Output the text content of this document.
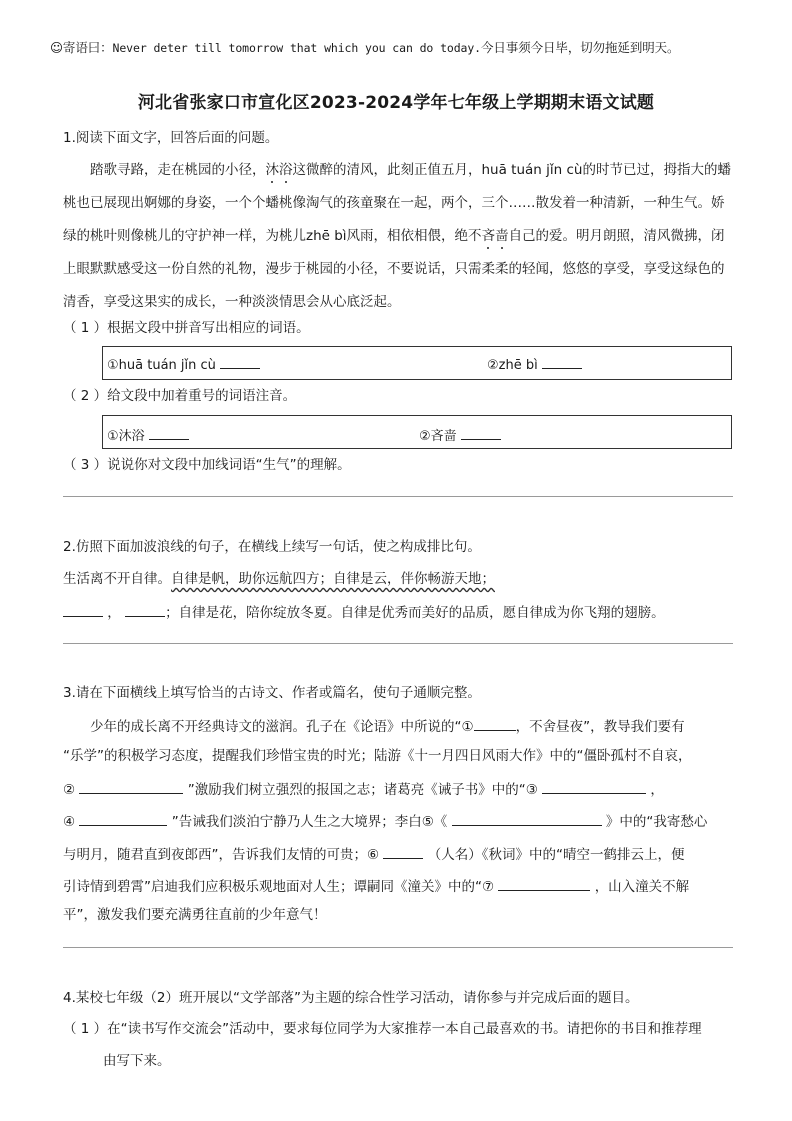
☺寄语曰：Never deter till tomorrow that which you can do today.今日事须今日毕，切勿拖延到明天。
河北省张家口市宣化区2023-2024学年七年级上学期期末语文试题
1.阅读下面文字，回答后面的问题。

踏歌寻路，走在桃园的小径，沐浴这微醉的清风，此刻正值五月，huā tuán jǐn cù的时节已过，拇指大的蟠桃也已展现出婀娜的身姿，一个个蟠桃像淘气的孩童聚在一起，两个，三个……散发着一种清新，一种生气。娇绿的桃叶则像桃儿的守护神一样，为桃儿zhē bì风雨，相依相偎，绝不吝啬自己的爱。明月朗照，清风微拂，闭上眼默默感受这一份自然的礼物，漫步于桃园的小径，不要说话，只需柔柔的轻闻，悠悠的享受，享受这绿色的清香，享受这果实的成长，一种淡淡情思会从心底泛起。

（ 1 ）根据文段中拼音写出相应的词语。
①huā tuán jǐn cù	②zhē bì
（ 2 ）给文段中加着重号的词语注音。
①沐浴	②吝啬
（ 3 ）说说你对文段中加线词语“生气”的理解。
2.仿照下面加波浪线的句子，在横线上续写一句话，使之构成排比句。
生活离不开自律。自律是帆，助你远航四方；自律是云，伴你畅游天地；
，	；自律是花，陪你绽放冬夏。自律是优秀而美好的品质，愿自律成为你飞翔的翅膀。
3.请在下面横线上填写恰当的古诗文、作者或篇名，使句子通顺完整。
少年的成长离不开经典诗文的滋润。孔子在《论语》中所说的“①	，不舍昼夜”，教导我们要有
“乐学”的积极学习态度，提醒我们珍惜宝贵的时光；陆游《十一月四日风雨大作》中的“僵卧孤村不自哀，
②	”激励我们树立强烈的报国之志；诸葛亮《诫子书》中的“③	，
④	”告诫我们淡泊宁静乃人生之大境界；李白⑤《	》中的“我寄愁心
与明月，随君直到夜郎西”，告诉我们友情的可贵；⑥	（人名）《秋词》中的“晴空一鹤排云上，便
引诗情到碧霄”启迪我们应积极乐观地面对人生；谭嗣同《潼关》中的“⑦	，山入潼关不解
平”，激发我们要充满勇往直前的少年意气！
4.某校七年级（2）班开展以“文学部落”为主题的综合性学习活动，请你参与并完成后面的题目。
（ 1 ）在“读书写作交流会”活动中，要求每位同学为大家推荐一本自己最喜欢的书。请把你的书目和推荐理
由写下来。
